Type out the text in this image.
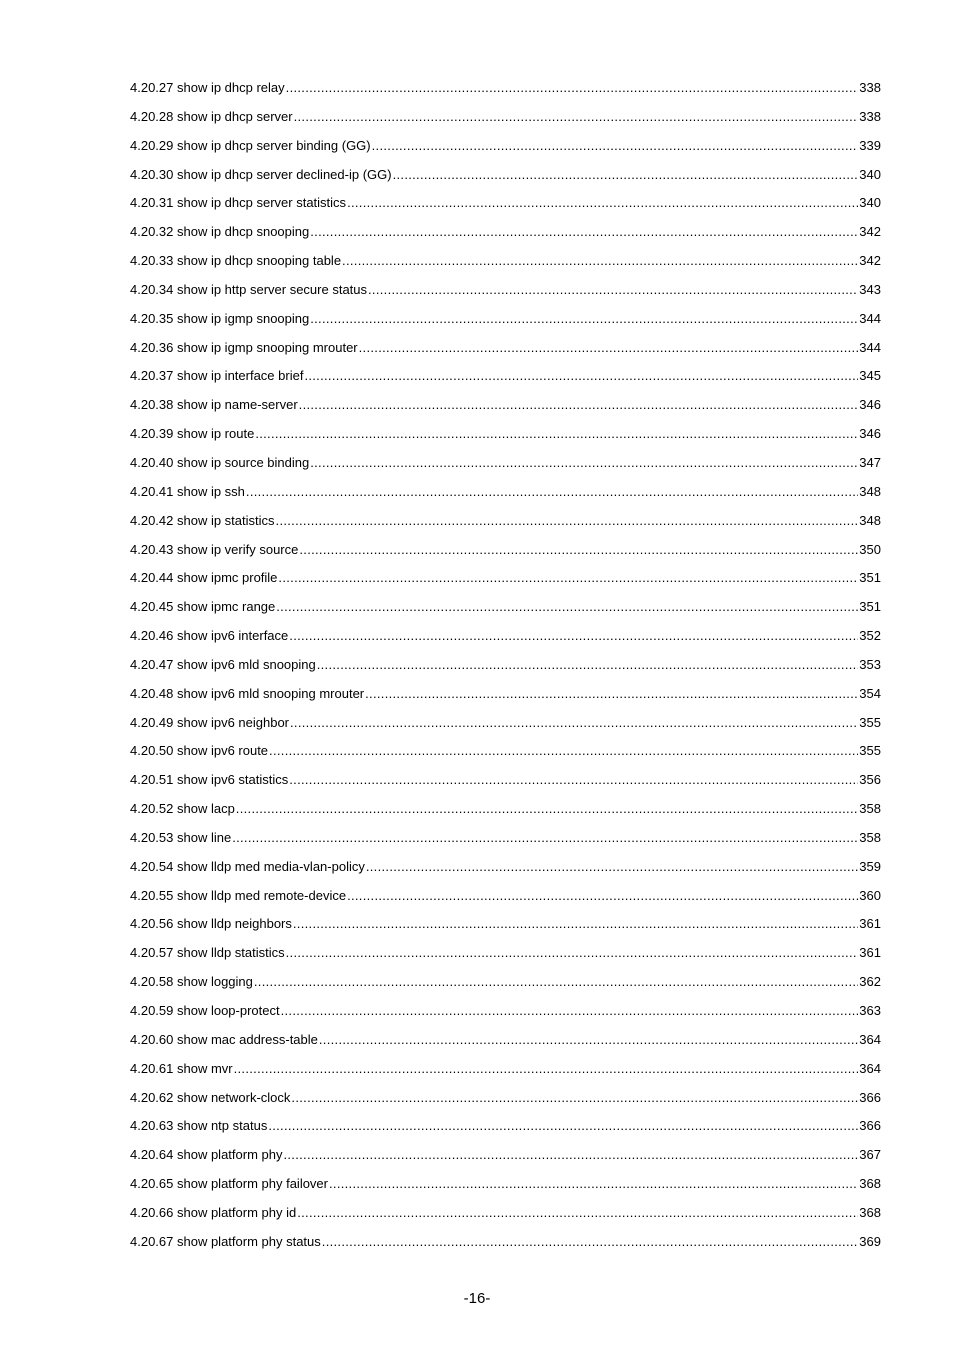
4.20.27 show ip dhcp relay .....	338
4.20.28 show ip dhcp server .....	338
4.20.29 show ip dhcp server binding (GG) .....	339
4.20.30 show ip dhcp server declined-ip (GG) .....	340
4.20.31 show ip dhcp server statistics .....	340
4.20.32 show ip dhcp snooping .....	342
4.20.33 show ip dhcp snooping table .....	342
4.20.34 show ip http server secure status .....	343
4.20.35 show ip igmp snooping .....	344
4.20.36 show ip igmp snooping mrouter .....	344
4.20.37 show ip interface brief .....	345
4.20.38 show ip name-server .....	346
4.20.39 show ip route .....	346
4.20.40 show ip source binding .....	347
4.20.41 show ip ssh .....	348
4.20.42 show ip statistics .....	348
4.20.43 show ip verify source .....	350
4.20.44 show ipmc profile .....	351
4.20.45 show ipmc range .....	351
4.20.46 show ipv6 interface .....	352
4.20.47 show ipv6 mld snooping .....	353
4.20.48 show ipv6 mld snooping mrouter .....	354
4.20.49 show ipv6 neighbor .....	355
4.20.50 show ipv6 route .....	355
4.20.51 show ipv6 statistics .....	356
4.20.52 show lacp .....	358
4.20.53 show line .....	358
4.20.54 show lldp med media-vlan-policy .....	359
4.20.55 show lldp med remote-device .....	360
4.20.56 show lldp neighbors .....	361
4.20.57 show lldp statistics .....	361
4.20.58 show logging .....	362
4.20.59 show loop-protect .....	363
4.20.60 show mac address-table .....	364
4.20.61 show mvr .....	364
4.20.62 show network-clock .....	366
4.20.63 show ntp status .....	366
4.20.64 show platform phy .....	367
4.20.65 show platform phy failover .....	368
4.20.66 show platform phy id .....	368
4.20.67 show platform phy status .....	369
-16-
